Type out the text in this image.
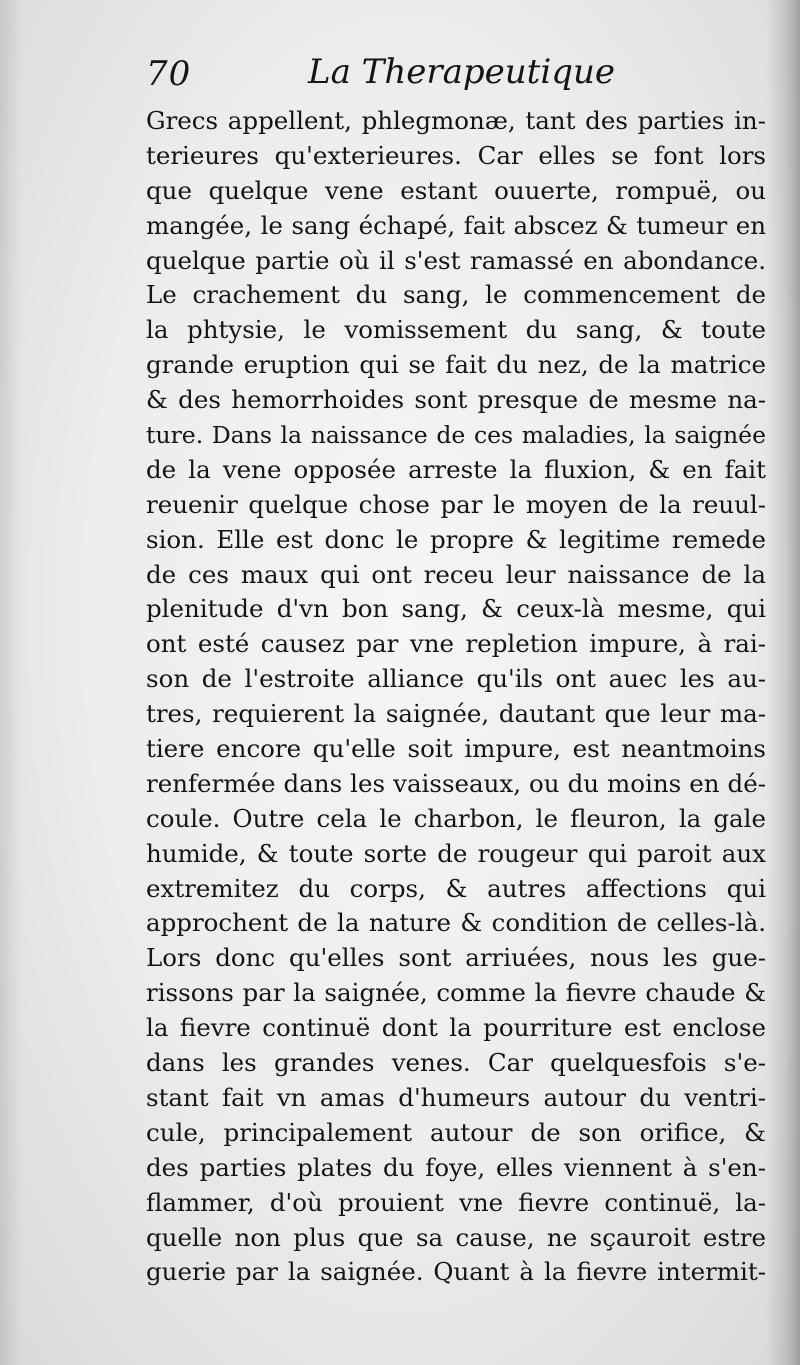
70	La Therapeutique
Grecs appellent, phlegmonæ, tant des parties in-
terieures qu'exterieures. Car elles se font lors
que quelque vene estant ouuerte, rompuë, ou
mangée, le sang échapé, fait abscez & tumeur en
quelque partie où il s'est ramassé en abondance.
Le crachement du sang, le commencement de
la phtysie, le vomissement du sang, & toute
grande eruption qui se fait du nez, de la matrice
& des hemorrhoides sont presque de mesme na-
ture. Dans la naissance de ces maladies, la saignée
de la vene opposée arreste la fluxion, & en fait
reuenir quelque chose par le moyen de la reuul-
sion. Elle est donc le propre & legitime remede
de ces maux qui ont receu leur naissance de la
plenitude d'vn bon sang, & ceux-là mesme, qui
ont esté causez par vne repletion impure, à rai-
son de l'estroite alliance qu'ils ont auec les au-
tres, requierent la saignée, dautant que leur ma-
tiere encore qu'elle soit impure, est neantmoins
renfermée dans les vaisseaux, ou du moins en dé-
coule. Outre cela le charbon, le fleuron, la gale
humide, & toute sorte de rougeur qui paroit aux
extremitez du corps, & autres affections qui
approchent de la nature & condition de celles-là.
Lors donc qu'elles sont arriuées, nous les gue-
rissons par la saignée, comme la fievre chaude &
la fievre continuë dont la pourriture est enclose
dans les grandes venes. Car quelquesfois s'e-
stant fait vn amas d'humeurs autour du ventri-
cule, principalement autour de son orifice, &
des parties plates du foye, elles viennent à s'en-
flammer, d'où prouient vne fievre continuë, la-
quelle non plus que sa cause, ne sçauroit estre
guerie par la saignée. Quant à la fievre intermit-
